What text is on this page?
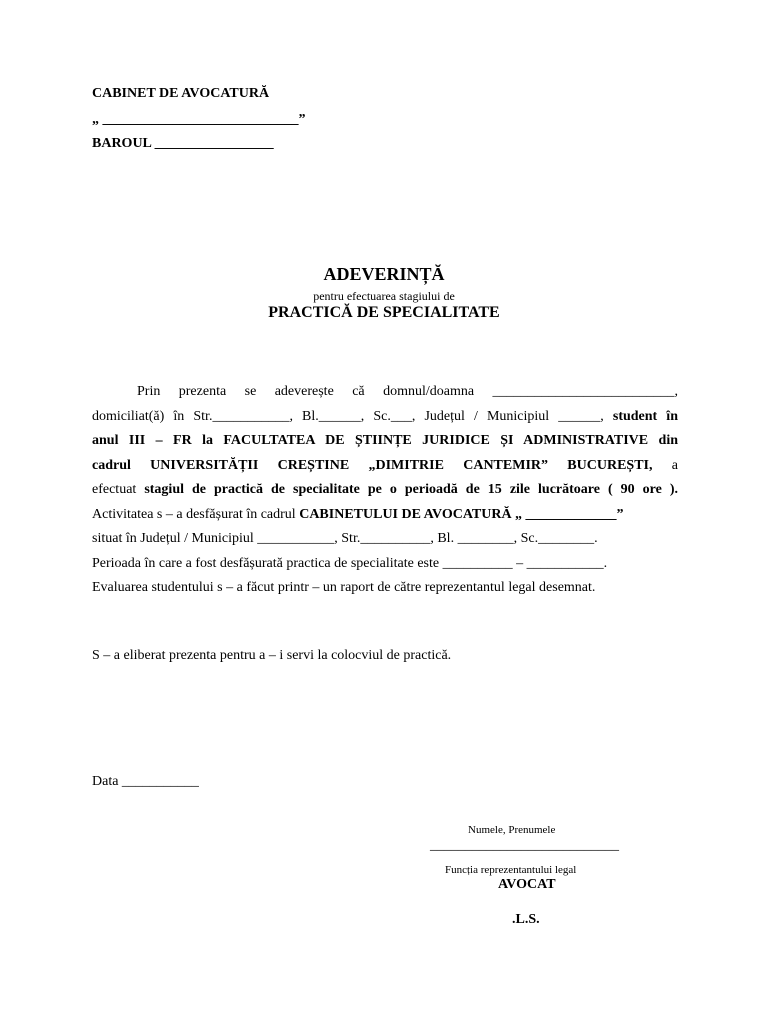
CABINET DE AVOCATURĂ
„ ____________________________”
BAROUL _________________
ADEVERINȚĂ
pentru efectuarea stagiului de
PRACTICĂ DE SPECIALITATE

Prin prezenta se adeverește că domnul/doamna __________________________,

domiciliat(ă) în Str.___________, Bl.______, Sc.___, Județul / Municipiul ______, student în

anul III – FR la FACULTATEA DE ȘTIINȚE JURIDICE ȘI ADMINISTRATIVE din

cadrul UNIVERSITĂȚII CREȘTINE „DIMITRIE CANTEMIR” BUCUREȘTI, a

efectuat stagiul de practică de specialitate pe o perioadă de 15 zile lucrătoare ( 90 ore ).

Activitatea s – a desfășurat în cadrul CABINETULUI DE AVOCATURĂ „ _____________”

situat în Județul / Municipiul ___________, Str.__________, Bl. ________, Sc.________.

Perioada în care a fost desfășurată practica de specialitate este __________ – ___________.

Evaluarea studentului s – a făcut printr – un raport de către reprezentantul legal desemnat.

S – a eliberat prezenta pentru a – i servi la colocviul de practică.
Data ___________
Numele, Prenumele
___________________________
Funcția reprezentantului legal
AVOCAT
.L.S.
